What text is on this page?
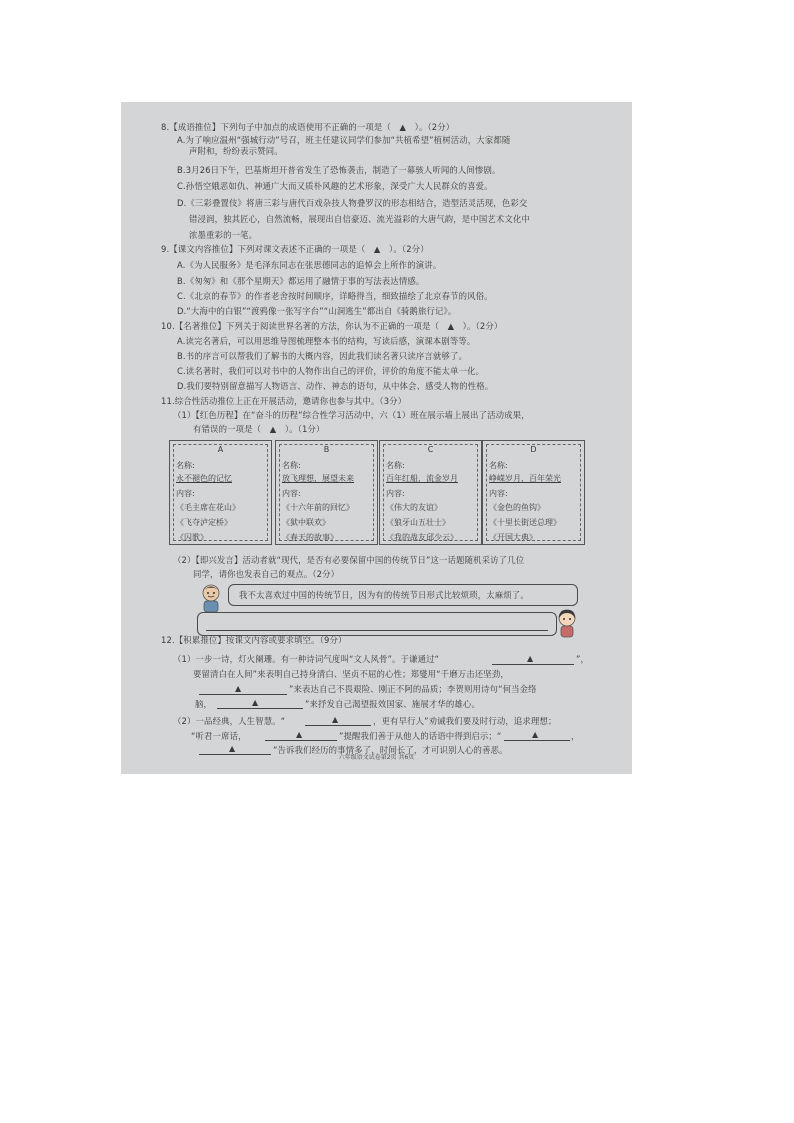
8.【成语推位】下列句子中加点的成语使用不正确的一项是（　▲　）。（2分）
A.为了响应温州“强城行动”号召，班主任建议同学们参加“共植希望”植树活动，大家都随
声附和，纷纷表示赞同。
B.3月26日下午，巴基斯坦开普省发生了恐怖袭击，制造了一幕骇人听闻的人间惨剧。
C.孙悟空娥恶如仇、神通广大而又质朴风趣的艺术形象，深受广大人民群众的喜爱。
D.《三彩叠置伎》将唐三彩与唐代百戏杂技人物叠罗汉的形态相结合，造型活灵活现，色彩交
错浸润，独其匠心，自然流畅，展现出自信豪迈、流光溢彩的大唐气韵，是中国艺术文化中
浓墨重彩的一笔。
9.【课文内容推位】下列对课文表述不正确的一项是（　▲　）。（2分）
A.《为人民服务》是毛泽东同志在张思德同志的追悼会上所作的演讲。
B.《匆匆》和《那个星期天》都运用了融情于事的写法表达情感。
C.《北京的春节》的作者老舍按时间顺序，详略得当，细致描绘了北京春节的风俗。
D.“大海中的白银”“渡鸦像一张写字台”“山洞逃生”都出自《骑鹅旅行记》。
10.【名著推位】下列关于阅读世界名著的方法，你认为不正确的一项是（　▲　）。（2分）
A.读完名著后，可以用思维导图梳理整本书的结构，写读后感，演课本剧等等。
B.书的序言可以帮我们了解书的大概内容，因此我们读名著只读序言就够了。
C.读名著时，我们可以对书中的人物作出自己的评价，评价的角度不能太单一化。
D.我们要特别留意描写人物语言、动作、神态的语句，从中体会、感受人物的性格。
11.综合性活动推位上正在开展活动，邀请你也参与其中。（3分）
（1）【红色历程】在“奋斗的历程”综合性学习活动中，六（1）班在展示墙上展出了活动成果，
有错误的一项是（　▲　）。（1分）
A
名称:
永不褪色的记忆
内容:
《毛主席在花山》
《飞夺泸定桥》
《囚歌》
B
名称:
放飞理想，展望未来
内容:
《十六年前的回忆》
《狱中联欢》
《春天的故事》
C
名称:
百年红船，流金岁月
内容:
《伟大的友谊》
《狼牙山五壮士》
《我的战友邱少云》
D
名称:
峥嵘岁月，百年荣光
内容:
《金色的鱼钩》
《十里长街送总理》
《开国大典》
（2）【即兴发言】活动者就“现代，是否有必要保留中国的传统节日”这一话题随机采访了几位
同学，请你也发表自己的观点。（2分）
我不太喜欢过中国的传统节日，因为有的传统节日形式比较烦琐，太麻烦了。
12.【积累推位】按课文内容或要求填空。（9分）
（1）一步一诗，灯火阑珊。有一种诗词气度叫“文人风骨”。于谦通过“	▲	”，
要留清白在人间”来表明自己持身清白、坚贞不屈的心性；郑燮用“千磨万击还坚劲，
▲	”来表达自己不畏艰险、刚正不阿的品质；李贺则用诗句“何当金络
脑，	▲	”来抒发自己渴望报效国家、施展才华的雄心。
（2）一品经典，人生智慧。“	▲	，更有早行人”劝诫我们要及时行动，追求理想；
“听君一席话，	▲	”提醒我们善于从他人的话语中得到启示；“	▲	，
▲	”告诉我们经历的事情多了，时间长了，才可识别人心的善恶。
六年级语文试卷第2页 共6页
